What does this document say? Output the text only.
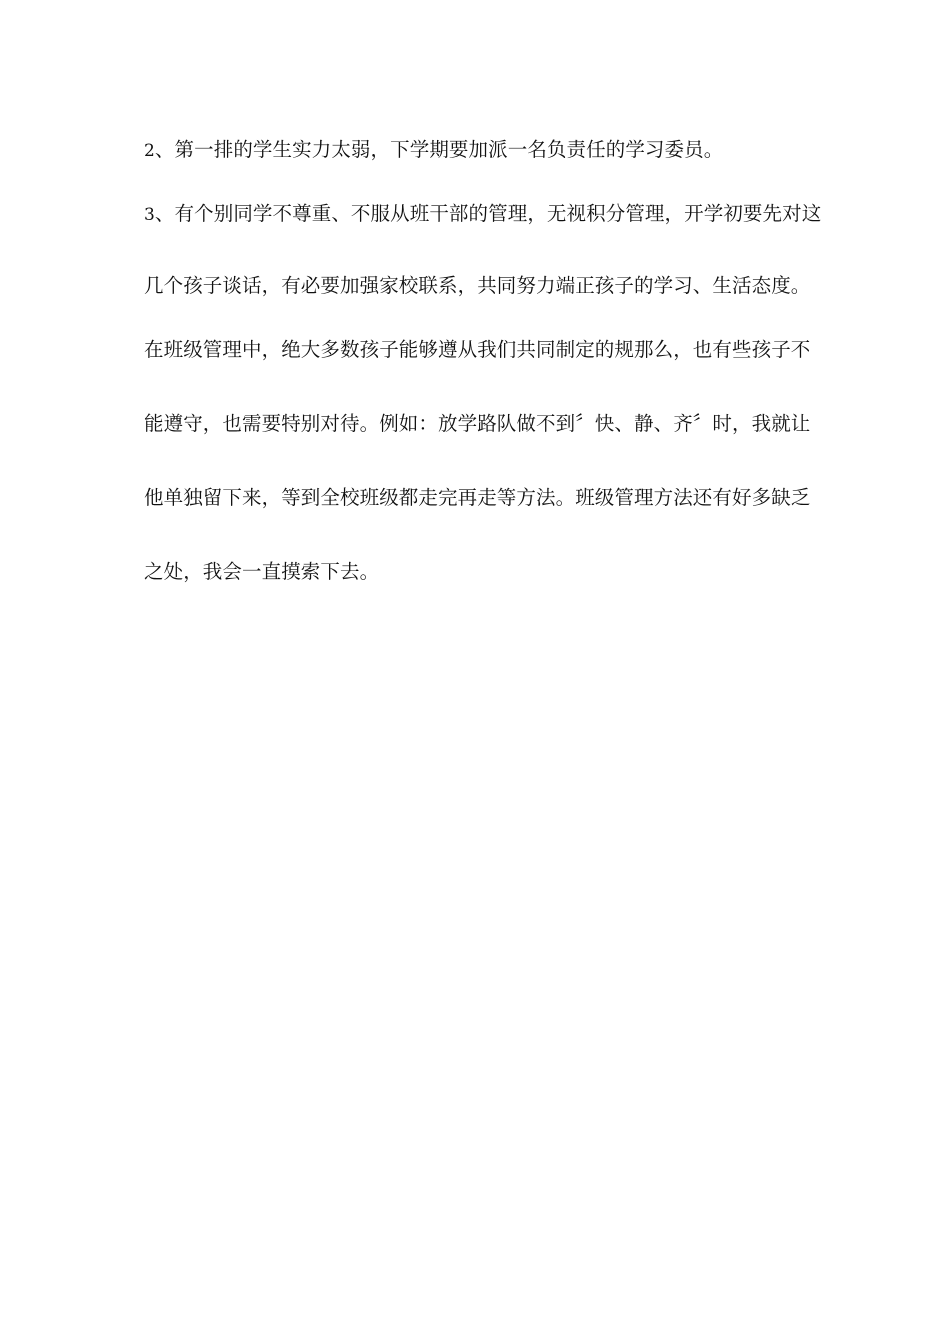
2、第一排的学生实力太弱，下学期要加派一名负责任的学习委员。
3、有个别同学不尊重、不服从班干部的管理，无视积分管理，开学初要先对这
几个孩子谈话，有必要加强家校联系，共同努力端正孩子的学习、生活态度。
在班级管理中，绝大多数孩子能够遵从我们共同制定的规那么，也有些孩子不
能遵守，也需要特别对待。例如：放学路队做不到〞快、静、齐〞时，我就让
他单独留下来，等到全校班级都走完再走等方法。班级管理方法还有好多缺乏
之处，我会一直摸索下去。
